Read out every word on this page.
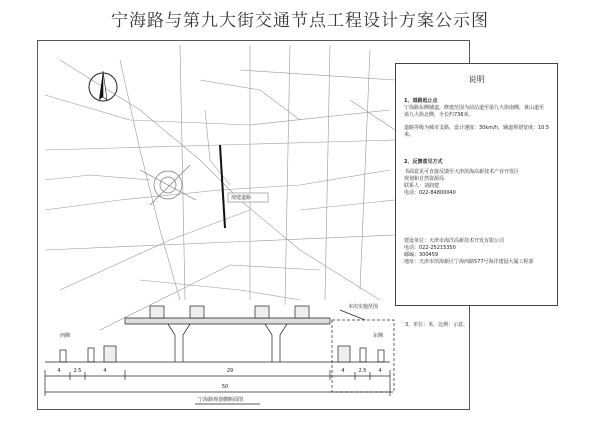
宁海路与第九大街交通节点工程设计方案公示图
现建道路
说明
1、道路起止点
宁海路东侧辅道，修建范围为前站道至第九大街南侧，黄山道至
第九大街北侧，全长约736米。
道路等级为城市支路，设计速度：30km/h，辅道规划宽度：10.5米。
2、反馈意见方式
书面意见可直接反馈至天津滨海高新技术产业开发区
规划和自然资源局
联系人：刘润建
电话：022-84800040
建设单位：天津市海洋高新技术开发有限公司
电话：022-25215350
邮编：300459
地址：天津市滨海新区宁海西路577号海洋建设大厦工程部
3、单位：米，比例：示意。
本次实施范围
西侧	东侧
4	2.5	4	29	4	2.5	4
50
宁海路规划横断面图
